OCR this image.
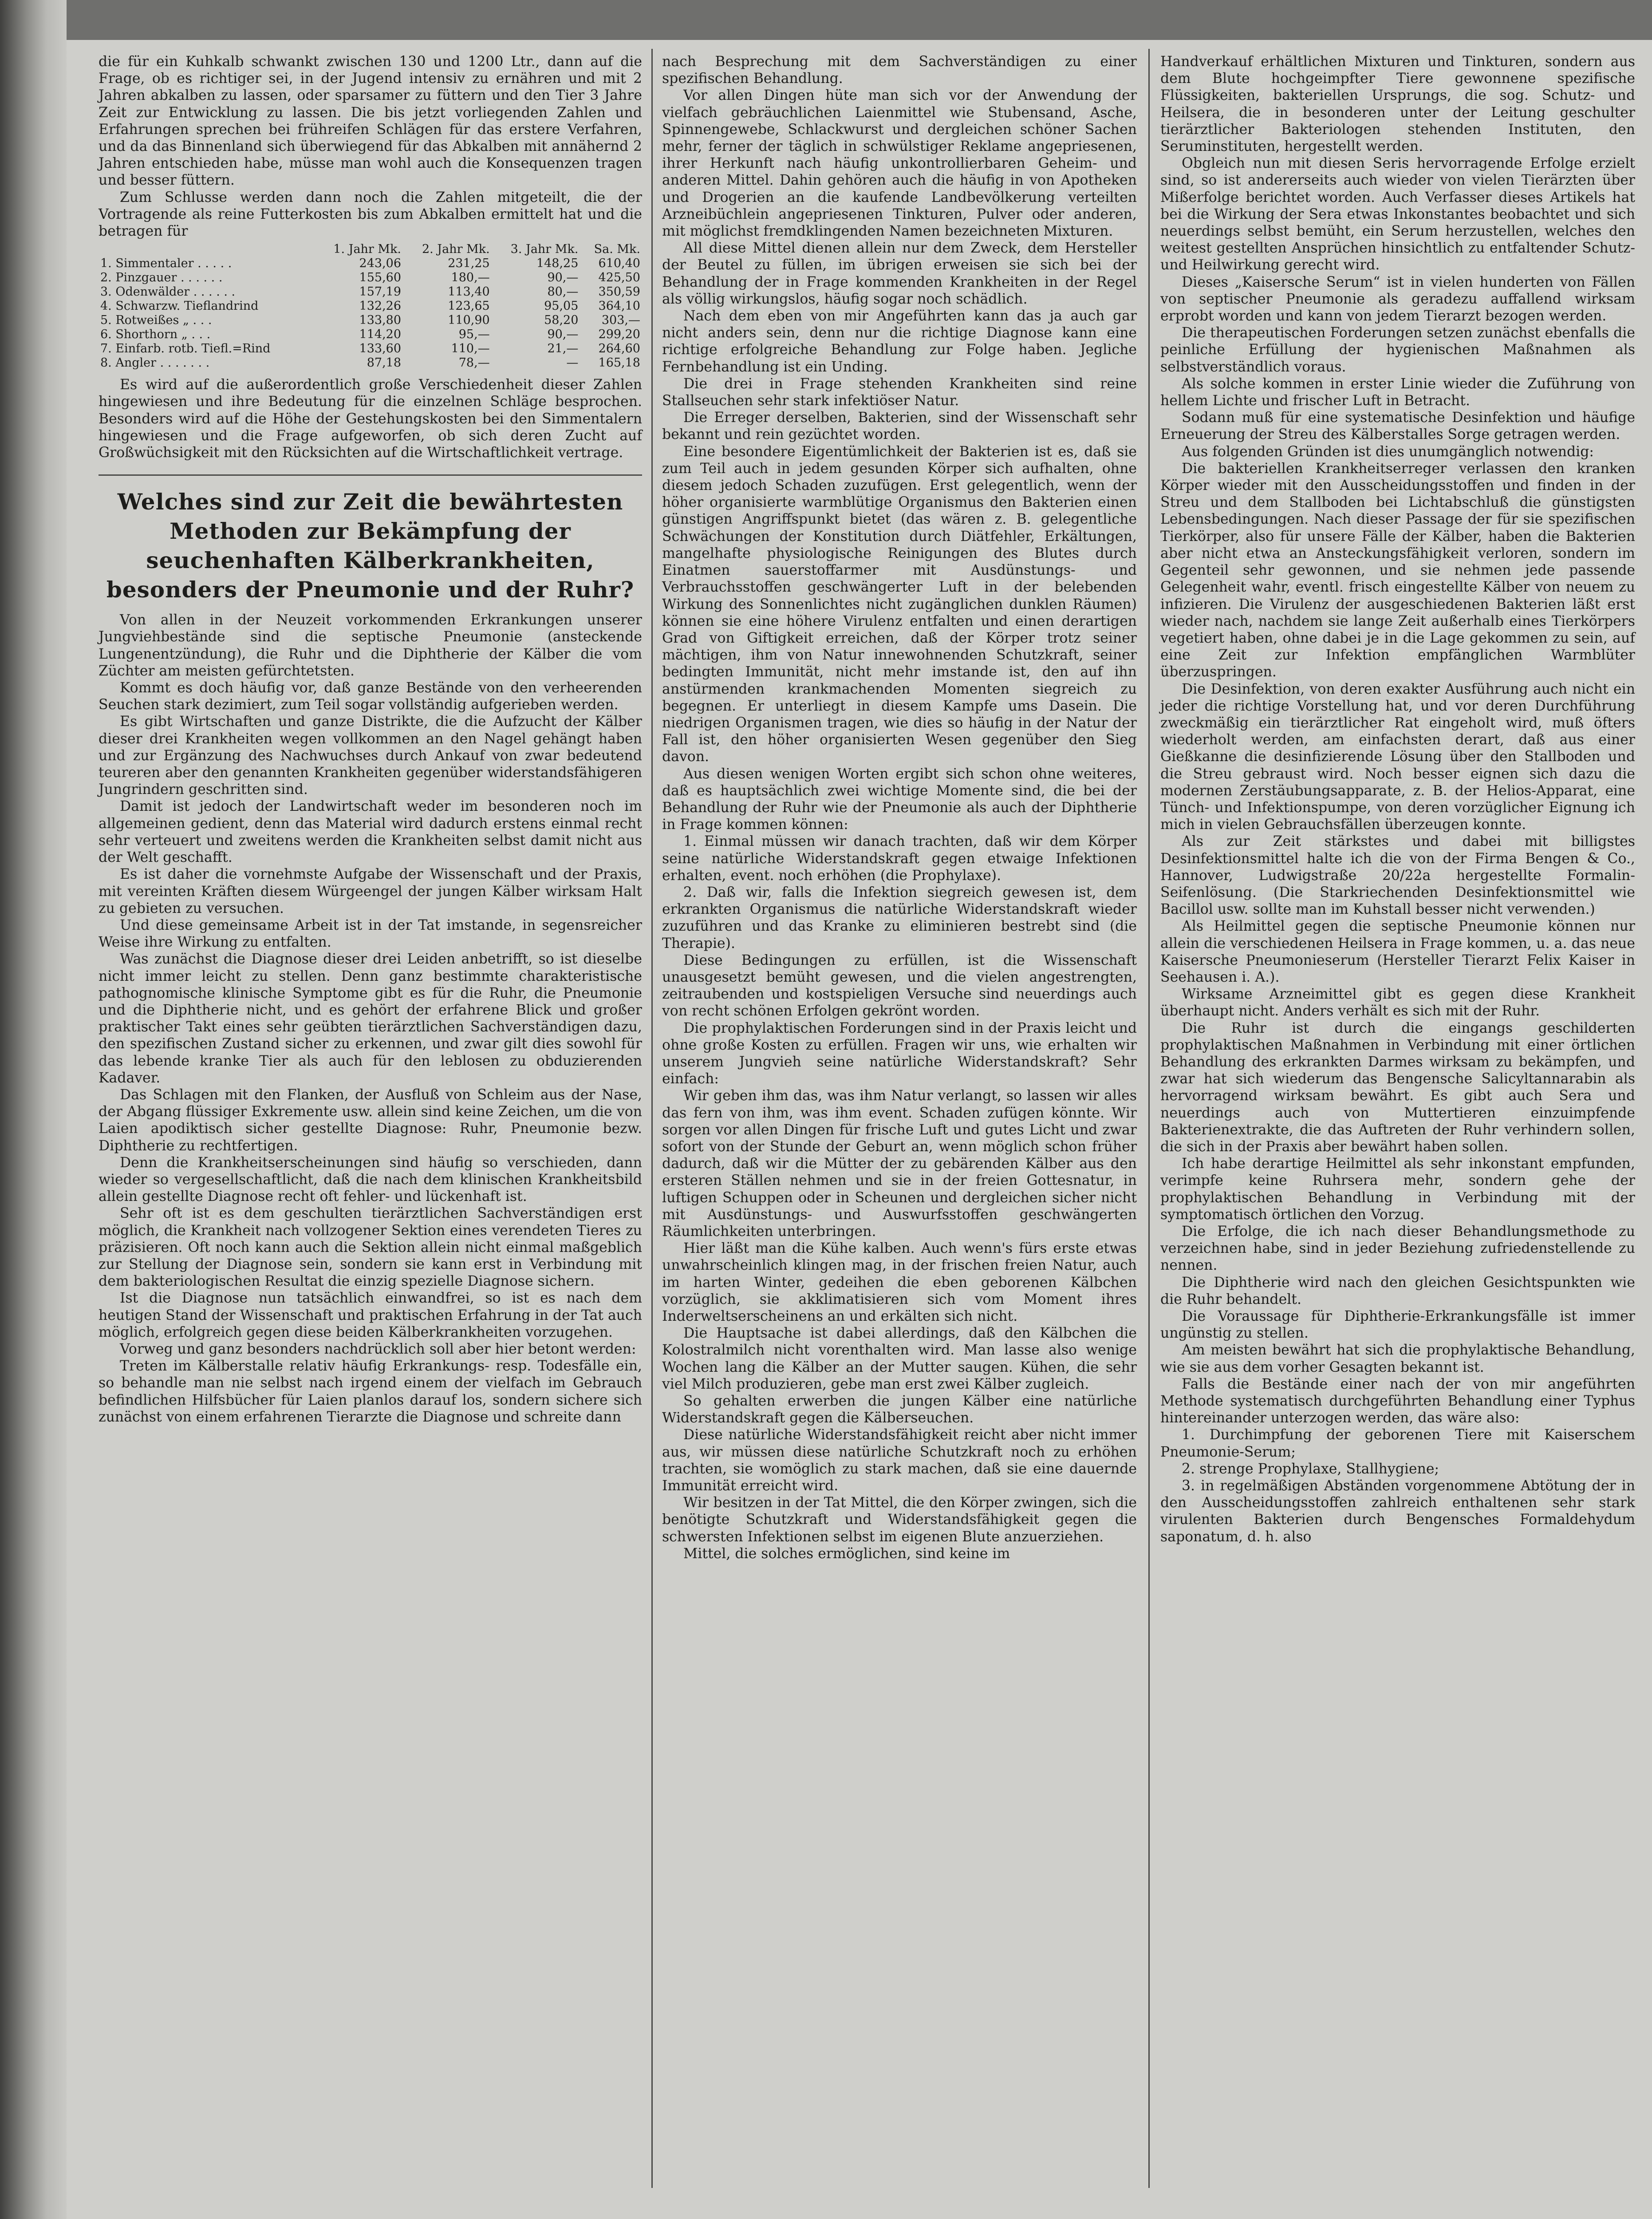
die für ein Kuhkalb schwankt zwischen 130 und 1200 Ltr., dann auf die Frage, ob es richtiger sei, in der Jugend intensiv zu ernähren und mit 2 Jahren abkalben zu lassen, oder sparsamer zu füttern und den Tier 3 Jahre Zeit zur Entwicklung zu lassen. Die bis jetzt vorliegenden Zahlen und Erfahrungen sprechen bei frühreifen Schlägen für das erstere Verfahren, und da das Binnenland sich überwiegend für das Abkalben mit annähernd 2 Jahren entschieden habe, müsse man wohl auch die Konsequenzen tragen und besser füttern.

Zum Schlusse werden dann noch die Zahlen mitgeteilt, die der Vortragende als reine Futterkosten bis zum Abkalben ermittelt hat und die betragen für

	1. Jahr Mk.	2. Jahr Mk.	3. Jahr Mk.	Sa. Mk.
1. Simmentaler . . . . .	243,06	231,25	148,25	610,40
2. Pinzgauer . . . . . .	155,60	180,—	90,—	425,50
3. Odenwälder . . . . . .	157,19	113,40	80,—	350,59
4. Schwarzw. Tieflandrind	132,26	123,65	95,05	364,10
5. Rotweißes „ . . .	133,80	110,90	58,20	303,—
6. Shorthorn „ . . .	114,20	95,—	90,—	299,20
7. Einfarb. rotb. Tiefl.=Rind	133,60	110,—	21,—	264,60
8. Angler . . . . . . .	87,18	78,—	—	165,18

Es wird auf die außerordentlich große Verschiedenheit dieser Zahlen hingewiesen und ihre Bedeutung für die einzelnen Schläge besprochen. Besonders wird auf die Höhe der Gestehungskosten bei den Simmentalern hingewiesen und die Frage aufgeworfen, ob sich deren Zucht auf Großwüchsigkeit mit den Rücksichten auf die Wirtschaftlichkeit vertrage.

Welches sind zur Zeit die bewährtesten Methoden zur Bekämpfung der seuchenhaften Kälberkrankheiten, besonders der Pneumonie und der Ruhr?

Von allen in der Neuzeit vorkommenden Erkrankungen unserer Jungviehbestände sind die septische Pneumonie (ansteckende Lungenentzündung), die Ruhr und die Diphtherie der Kälber die vom Züchter am meisten gefürchtetsten.

Kommt es doch häufig vor, daß ganze Bestände von den verheerenden Seuchen stark dezimiert, zum Teil sogar vollständig aufgerieben werden.

Es gibt Wirtschaften und ganze Distrikte, die die Aufzucht der Kälber dieser drei Krankheiten wegen vollkommen an den Nagel gehängt haben und zur Ergänzung des Nachwuchses durch Ankauf von zwar bedeutend teureren aber den genannten Krankheiten gegenüber widerstandsfähigeren Jungrindern geschritten sind.

Damit ist jedoch der Landwirtschaft weder im besonderen noch im allgemeinen gedient, denn das Material wird dadurch erstens einmal recht sehr verteuert und zweitens werden die Krankheiten selbst damit nicht aus der Welt geschafft.

Es ist daher die vornehmste Aufgabe der Wissenschaft und der Praxis, mit vereinten Kräften diesem Würgeengel der jungen Kälber wirksam Halt zu gebieten zu versuchen.

Und diese gemeinsame Arbeit ist in der Tat imstande, in segensreicher Weise ihre Wirkung zu entfalten.

Was zunächst die Diagnose dieser drei Leiden anbetrifft, so ist dieselbe nicht immer leicht zu stellen. Denn ganz bestimmte charakteristische pathognomische klinische Symptome gibt es für die Ruhr, die Pneumonie und die Diphtherie nicht, und es gehört der erfahrene Blick und großer praktischer Takt eines sehr geübten tierärztlichen Sachverständigen dazu, den spezifischen Zustand sicher zu erkennen, und zwar gilt dies sowohl für das lebende kranke Tier als auch für den leblosen zu obduzierenden Kadaver.

Das Schlagen mit den Flanken, der Ausfluß von Schleim aus der Nase, der Abgang flüssiger Exkremente usw. allein sind keine Zeichen, um die von Laien apodiktisch sicher gestellte Diagnose: Ruhr, Pneumonie bezw. Diphtherie zu rechtfertigen.

Denn die Krankheitserscheinungen sind häufig so verschieden, dann wieder so vergesellschaftlicht, daß die nach dem klinischen Krankheitsbild allein gestellte Diagnose recht oft fehler- und lückenhaft ist.

Sehr oft ist es dem geschulten tierärztlichen Sachverständigen erst möglich, die Krankheit nach vollzogener Sektion eines verendeten Tieres zu präzisieren. Oft noch kann auch die Sektion allein nicht einmal maßgeblich zur Stellung der Diagnose sein, sondern sie kann erst in Verbindung mit dem bakteriologischen Resultat die einzig spezielle Diagnose sichern.

Ist die Diagnose nun tatsächlich einwandfrei, so ist es nach dem heutigen Stand der Wissenschaft und praktischen Erfahrung in der Tat auch möglich, erfolgreich gegen diese beiden Kälberkrankheiten vorzugehen.

Vorweg und ganz besonders nachdrücklich soll aber hier betont werden:

Treten im Kälberstalle relativ häufig Erkrankungs- resp. Todesfälle ein, so behandle man nie selbst nach irgend einem der vielfach im Gebrauch befindlichen Hilfsbücher für Laien planlos darauf los, sondern sichere sich zunächst von einem erfahrenen Tierarzte die Diagnose und schreite dann

nach Besprechung mit dem Sachverständigen zu einer spezifischen Behandlung.

Vor allen Dingen hüte man sich vor der Anwendung der vielfach gebräuchlichen Laienmittel wie Stubensand, Asche, Spinnengewebe, Schlackwurst und dergleichen schöner Sachen mehr, ferner der täglich in schwülstiger Reklame angepriesenen, ihrer Herkunft nach häufig unkontrollierbaren Geheim- und anderen Mittel. Dahin gehören auch die häufig in von Apotheken und Drogerien an die kaufende Landbevölkerung verteilten Arzneibüchlein angepriesenen Tinkturen, Pulver oder anderen, mit möglichst fremdklingenden Namen bezeichneten Mixturen.

All diese Mittel dienen allein nur dem Zweck, dem Hersteller der Beutel zu füllen, im übrigen erweisen sie sich bei der Behandlung der in Frage kommenden Krankheiten in der Regel als völlig wirkungslos, häufig sogar noch schädlich.

Nach dem eben von mir Angeführten kann das ja auch gar nicht anders sein, denn nur die richtige Diagnose kann eine richtige erfolgreiche Behandlung zur Folge haben. Jegliche Fernbehandlung ist ein Unding.

Die drei in Frage stehenden Krankheiten sind reine Stallseuchen sehr stark infektiöser Natur.

Die Erreger derselben, Bakterien, sind der Wissenschaft sehr bekannt und rein gezüchtet worden.

Eine besondere Eigentümlichkeit der Bakterien ist es, daß sie zum Teil auch in jedem gesunden Körper sich aufhalten, ohne diesem jedoch Schaden zuzufügen. Erst gelegentlich, wenn der höher organisierte warmblütige Organismus den Bakterien einen günstigen Angriffspunkt bietet (das wären z. B. gelegentliche Schwächungen der Konstitution durch Diätfehler, Erkältungen, mangelhafte physiologische Reinigungen des Blutes durch Einatmen sauerstoffarmer mit Ausdünstungs- und Verbrauchsstoffen geschwängerter Luft in der belebenden Wirkung des Sonnenlichtes nicht zugänglichen dunklen Räumen) können sie eine höhere Virulenz entfalten und einen derartigen Grad von Giftigkeit erreichen, daß der Körper trotz seiner mächtigen, ihm von Natur innewohnenden Schutzkraft, seiner bedingten Immunität, nicht mehr imstande ist, den auf ihn anstürmenden krankmachenden Momenten siegreich zu begegnen. Er unterliegt in diesem Kampfe ums Dasein. Die niedrigen Organismen tragen, wie dies so häufig in der Natur der Fall ist, den höher organisierten Wesen gegenüber den Sieg davon.

Aus diesen wenigen Worten ergibt sich schon ohne weiteres, daß es hauptsächlich zwei wichtige Momente sind, die bei der Behandlung der Ruhr wie der Pneumonie als auch der Diphtherie in Frage kommen können:

1. Einmal müssen wir danach trachten, daß wir dem Körper seine natürliche Widerstandskraft gegen etwaige Infektionen erhalten, event. noch erhöhen (die Prophylaxe).

2. Daß wir, falls die Infektion siegreich gewesen ist, dem erkrankten Organismus die natürliche Widerstandskraft wieder zuzuführen und das Kranke zu eliminieren bestrebt sind (die Therapie).

Diese Bedingungen zu erfüllen, ist die Wissenschaft unausgesetzt bemüht gewesen, und die vielen angestrengten, zeitraubenden und kostspieligen Versuche sind neuerdings auch von recht schönen Erfolgen gekrönt worden.

Die prophylaktischen Forderungen sind in der Praxis leicht und ohne große Kosten zu erfüllen. Fragen wir uns, wie erhalten wir unserem Jungvieh seine natürliche Widerstandskraft? Sehr einfach:

Wir geben ihm das, was ihm Natur verlangt, so lassen wir alles das fern von ihm, was ihm event. Schaden zufügen könnte. Wir sorgen vor allen Dingen für frische Luft und gutes Licht und zwar sofort von der Stunde der Geburt an, wenn möglich schon früher dadurch, daß wir die Mütter der zu gebärenden Kälber aus den ersteren Ställen nehmen und sie in der freien Gottesnatur, in luftigen Schuppen oder in Scheunen und dergleichen sicher nicht mit Ausdünstungs- und Auswurfsstoffen geschwängerten Räumlichkeiten unterbringen.

Hier läßt man die Kühe kalben. Auch wenn's fürs erste etwas unwahrscheinlich klingen mag, in der frischen freien Natur, auch im harten Winter, gedeihen die eben geborenen Kälbchen vorzüglich, sie akklimatisieren sich vom Moment ihres Inderweltserscheinens an und erkälten sich nicht.

Die Hauptsache ist dabei allerdings, daß den Kälbchen die Kolostralmilch nicht vorenthalten wird. Man lasse also wenige Wochen lang die Kälber an der Mutter saugen. Kühen, die sehr viel Milch produzieren, gebe man erst zwei Kälber zugleich.

So gehalten erwerben die jungen Kälber eine natürliche Widerstandskraft gegen die Kälberseuchen.

Diese natürliche Widerstandsfähigkeit reicht aber nicht immer aus, wir müssen diese natürliche Schutzkraft noch zu erhöhen trachten, sie womöglich zu stark machen, daß sie eine dauernde Immunität erreicht wird.

Wir besitzen in der Tat Mittel, die den Körper zwingen, sich die benötigte Schutzkraft und Widerstandsfähigkeit gegen die schwersten Infektionen selbst im eigenen Blute anzuerziehen.

Mittel, die solches ermöglichen, sind keine im

Handverkauf erhältlichen Mixturen und Tinkturen, sondern aus dem Blute hochgeimpfter Tiere gewonnene spezifische Flüssigkeiten, bakteriellen Ursprungs, die sog. Schutz- und Heilsera, die in besonderen unter der Leitung geschulter tierärztlicher Bakteriologen stehenden Instituten, den Seruminstituten, hergestellt werden.

Obgleich nun mit diesen Seris hervorragende Erfolge erzielt sind, so ist andererseits auch wieder von vielen Tierärzten über Mißerfolge berichtet worden. Auch Verfasser dieses Artikels hat bei die Wirkung der Sera etwas Inkonstantes beobachtet und sich neuerdings selbst bemüht, ein Serum herzustellen, welches den weitest gestellten Ansprüchen hinsichtlich zu entfaltender Schutz- und Heilwirkung gerecht wird.

Dieses „Kaisersche Serum“ ist in vielen hunderten von Fällen von septischer Pneumonie als geradezu auffallend wirksam erprobt worden und kann von jedem Tierarzt bezogen werden.

Die therapeutischen Forderungen setzen zunächst ebenfalls die peinliche Erfüllung der hygienischen Maßnahmen als selbstverständlich voraus.

Als solche kommen in erster Linie wieder die Zuführung von hellem Lichte und frischer Luft in Betracht.

Sodann muß für eine systematische Desinfektion und häufige Erneuerung der Streu des Kälberstalles Sorge getragen werden.

Aus folgenden Gründen ist dies unumgänglich notwendig:

Die bakteriellen Krankheitserreger verlassen den kranken Körper wieder mit den Ausscheidungsstoffen und finden in der Streu und dem Stallboden bei Lichtabschluß die günstigsten Lebensbedingungen. Nach dieser Passage der für sie spezifischen Tierkörper, also für unsere Fälle der Kälber, haben die Bakterien aber nicht etwa an Ansteckungsfähigkeit verloren, sondern im Gegenteil sehr gewonnen, und sie nehmen jede passende Gelegenheit wahr, eventl. frisch eingestellte Kälber von neuem zu infizieren. Die Virulenz der ausgeschiedenen Bakterien läßt erst wieder nach, nachdem sie lange Zeit außerhalb eines Tierkörpers vegetiert haben, ohne dabei je in die Lage gekommen zu sein, auf eine Zeit zur Infektion empfänglichen Warmblüter überzuspringen.

Die Desinfektion, von deren exakter Ausführung auch nicht ein jeder die richtige Vorstellung hat, und vor deren Durchführung zweckmäßig ein tierärztlicher Rat eingeholt wird, muß öfters wiederholt werden, am einfachsten derart, daß aus einer Gießkanne die desinfizierende Lösung über den Stallboden und die Streu gebraust wird. Noch besser eignen sich dazu die modernen Zerstäubungsapparate, z. B. der Helios-Apparat, eine Tünch- und Infektionspumpe, von deren vorzüglicher Eignung ich mich in vielen Gebrauchsfällen überzeugen konnte.

Als zur Zeit stärkstes und dabei mit billigstes Desinfektionsmittel halte ich die von der Firma Bengen & Co., Hannover, Ludwigstraße 20/22a hergestellte Formalin-Seifenlösung. (Die Starkriechenden Desinfektionsmittel wie Bacillol usw. sollte man im Kuhstall besser nicht verwenden.)

Als Heilmittel gegen die septische Pneumonie können nur allein die verschiedenen Heilsera in Frage kommen, u. a. das neue Kaisersche Pneumonieserum (Hersteller Tierarzt Felix Kaiser in Seehausen i. A.).

Wirksame Arzneimittel gibt es gegen diese Krankheit überhaupt nicht. Anders verhält es sich mit der Ruhr.

Die Ruhr ist durch die eingangs geschilderten prophylaktischen Maßnahmen in Verbindung mit einer örtlichen Behandlung des erkrankten Darmes wirksam zu bekämpfen, und zwar hat sich wiederum das Bengensche Salicyltannarabin als hervorragend wirksam bewährt. Es gibt auch Sera und neuerdings auch von Muttertieren einzuimpfende Bakterienextrakte, die das Auftreten der Ruhr verhindern sollen, die sich in der Praxis aber bewährt haben sollen.

Ich habe derartige Heilmittel als sehr inkonstant empfunden, verimpfe keine Ruhrsera mehr, sondern gehe der prophylaktischen Behandlung in Verbindung mit der symptomatisch örtlichen den Vorzug.

Die Erfolge, die ich nach dieser Behandlungsmethode zu verzeichnen habe, sind in jeder Beziehung zufriedenstellende zu nennen.

Die Diphtherie wird nach den gleichen Gesichtspunkten wie die Ruhr behandelt.

Die Voraussage für Diphtherie-Erkrankungsfälle ist immer ungünstig zu stellen.

Am meisten bewährt hat sich die prophylaktische Behandlung, wie sie aus dem vorher Gesagten bekannt ist.

Falls die Bestände einer nach der von mir angeführten Methode systematisch durchgeführten Behandlung einer Typhus hintereinander unterzogen werden, das wäre also:

1. Durchimpfung der geborenen Tiere mit Kaiserschem Pneumonie-Serum;

2. strenge Prophylaxe, Stallhygiene;

3. in regelmäßigen Abständen vorgenommene Abtötung der in den Ausscheidungsstoffen zahlreich enthaltenen sehr stark virulenten Bakterien durch Bengensches Formaldehydum saponatum, d. h. also
